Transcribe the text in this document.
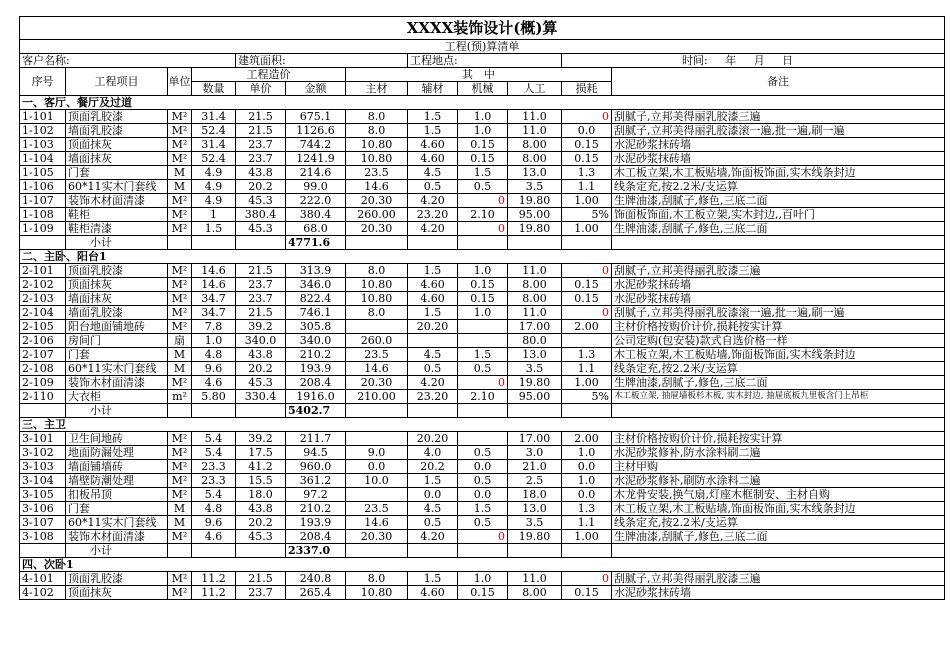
XXXX装饰设计(概)算											
工程(预)算清单											
客户名称:				建筑面积:			工程地点:			时间: 年 月 日	
序号	工程项目	单位	工程造价			其　中					备注
			数量	单价	金额	主材	辅材	机械	人工	损耗	
一、客厅、餐厅及过道											
1-101	顶面乳胶漆	M²	31.4	21.5	675.1	8.0	1.5	1.0	11.0	0	刮腻子,立邦美得丽乳胶漆三遍
1-102	墙面乳胶漆	M²	52.4	21.5	1126.6	8.0	1.5	1.0	11.0	0.0	刮腻子,立邦美得丽乳胶漆滚一遍,批一遍,刷一遍
1-103	顶面抹灰	M²	31.4	23.7	744.2	10.80	4.60	0.15	8.00	0.15	水泥砂浆抹砖墙
1-104	墙面抹灰	M²	52.4	23.7	1241.9	10.80	4.60	0.15	8.00	0.15	水泥砂浆抹砖墙
1-105	门套	M	4.9	43.8	214.6	23.5	4.5	1.5	13.0	1.3	木工板立架,木工板贴墙,饰面板饰面,实木线条封边
1-106	60*11实木门套线	M	4.9	20.2	99.0	14.6	0.5	0.5	3.5	1.1	线条定充,按2.2米/支运算
1-107	装饰木材面清漆	M²	4.9	45.3	222.0	20.30	4.20	0	19.80	1.00	生牌油漆,刮腻子,修色,三底二面
1-108	鞋柜	M²	1	380.4	380.4	260.00	23.20	2.10	95.00	5%	饰面板饰面,木工板立架,实木封边,,百叶门
1-109	鞋柜清漆	M²	1.5	45.3	68.0	20.30	4.20	0	19.80	1.00	生牌油漆,刮腻子,修色,三底二面
	小计				4771.6						
二、主卧、阳台1											
2-101	顶面乳胶漆	M²	14.6	21.5	313.9	8.0	1.5	1.0	11.0	0	刮腻子,立邦美得丽乳胶漆三遍
2-102	顶面抹灰	M²	14.6	23.7	346.0	10.80	4.60	0.15	8.00	0.15	水泥砂浆抹砖墙
2-103	墙面抹灰	M²	34.7	23.7	822.4	10.80	4.60	0.15	8.00	0.15	水泥砂浆抹砖墙
2-104	墙面乳胶漆	M²	34.7	21.5	746.1	8.0	1.5	1.0	11.0	0	刮腻子,立邦美得丽乳胶漆滚一遍,批一遍,刷一遍
2-105	阳台地面铺地砖	M²	7.8	39.2	305.8		20.20		17.00	2.00	主材价格按购价计价,损耗按实计算
2-106	房间门	扇	1.0	340.0	340.0	260.0			80.0		公司定购(包安装)款式自选价格一样
2-107	门套	M	4.8	43.8	210.2	23.5	4.5	1.5	13.0	1.3	木工板立架,木工板贴墙,饰面板饰面,实木线条封边
2-108	60*11实木门套线	M	9.6	20.2	193.9	14.6	0.5	0.5	3.5	1.1	线条定充,按2.2米/支运算
2-109	装饰木材面清漆	M²	4.6	45.3	208.4	20.30	4.20	0	19.80	1.00	生牌油漆,刮腻子,修色,三底二面
2-110	大衣柜	m²	5.80	330.4	1916.0	210.00	23.20	2.10	95.00	5%	木工板立架, 抽屉墙板杉木板, 实木封边, 抽屉底板九里板含门上吊柜
	小计				5402.7						
三、主卫											
3-101	卫生间地砖	M²	5.4	39.2	211.7		20.20		17.00	2.00	主材价格按购价计价,损耗按实计算
3-102	地面防漏处理	M²	5.4	17.5	94.5	9.0	4.0	0.5	3.0	1.0	水泥砂浆修补,防水涂料刷二遍
3-103	墙面铺墙砖	M²	23.3	41.2	960.0	0.0	20.2	0.0	21.0	0.0	主材甲购
3-104	墙壁防潮处理	M²	23.3	15.5	361.2	10.0	1.5	0.5	2.5	1.0	水泥砂浆修补,刷防水涂料二遍
3-105	扣板吊顶	M²	5.4	18.0	97.2		0.0	0.0	18.0	0.0	木龙骨安装,换气扇,灯座木框制安、主材自购
3-106	门套	M	4.8	43.8	210.2	23.5	4.5	1.5	13.0	1.3	木工板立架,木工板贴墙,饰面板饰面,实木线条封边
3-107	60*11实木门套线	M	9.6	20.2	193.9	14.6	0.5	0.5	3.5	1.1	线条定充,按2.2米/支运算
3-108	装饰木材面清漆	M²	4.6	45.3	208.4	20.30	4.20	0	19.80	1.00	生牌油漆,刮腻子,修色,三底二面
	小计				2337.0						
四、次卧1											
4-101	顶面乳胶漆	M²	11.2	21.5	240.8	8.0	1.5	1.0	11.0	0	刮腻子,立邦美得丽乳胶漆三遍
4-102	顶面抹灰	M²	11.2	23.7	265.4	10.80	4.60	0.15	8.00	0.15	水泥砂浆抹砖墙
